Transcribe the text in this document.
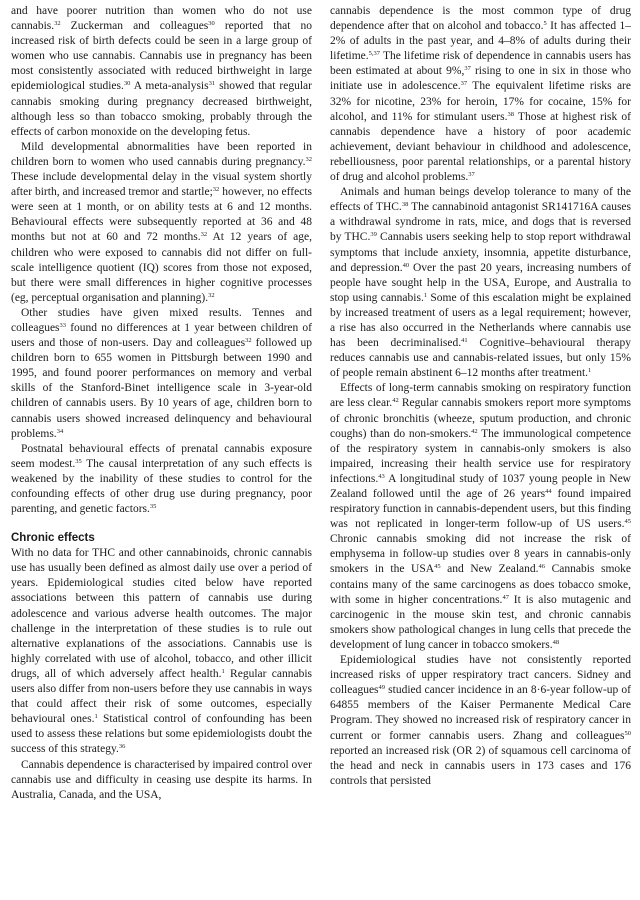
and have poorer nutrition than women who do not use cannabis.$^{32}$ Zuckerman and colleagues$^{30}$ reported that no increased risk of birth defects could be seen in a large group of women who use cannabis. Cannabis use in pregnancy has been most consistently associated with reduced birthweight in large epidemiological studies.$^{30}$ A meta-analysis$^{31}$ showed that regular cannabis smoking during pregnancy decreased birthweight, although less so than tobacco smoking, probably through the effects of carbon monoxide on the developing fetus.

Mild developmental abnormalities have been reported in children born to women who used cannabis during pregnancy.$^{32}$ These include developmental delay in the visual system shortly after birth, and increased tremor and startle;$^{32}$ however, no effects were seen at 1 month, or on ability tests at 6 and 12 months. Behavioural effects were subsequently reported at 36 and 48 months but not at 60 and 72 months.$^{32}$ At 12 years of age, children who were exposed to cannabis did not differ on full-scale intelligence quotient (IQ) scores from those not exposed, but there were small differences in higher cognitive processes (eg, perceptual organisation and planning).$^{32}$

Other studies have given mixed results. Tennes and colleagues$^{33}$ found no differences at 1 year between children of users and those of non-users. Day and colleagues$^{32}$ followed up children born to 655 women in Pittsburgh between 1990 and 1995, and found poorer performances on memory and verbal skills of the Stanford-Binet intelligence scale in 3-year-old children of cannabis users. By 10 years of age, children born to cannabis users showed increased delinquency and behavioural problems.$^{34}$

Postnatal behavioural effects of prenatal cannabis exposure seem modest.$^{35}$ The causal interpretation of any such effects is weakened by the inability of these studies to control for the confounding effects of other drug use during pregnancy, poor parenting, and genetic factors.$^{35}$

Chronic effects

With no data for THC and other cannabinoids, chronic cannabis use has usually been defined as almost daily use over a period of years. Epidemiological studies cited below have reported associations between this pattern of cannabis use during adolescence and various adverse health outcomes. The major challenge in the interpretation of these studies is to rule out alternative explanations of the associations. Cannabis use is highly correlated with use of alcohol, tobacco, and other illicit drugs, all of which adversely affect health.$^1$ Regular cannabis users also differ from non-users before they use cannabis in ways that could affect their risk of some outcomes, especially behavioural ones.$^1$ Statistical control of confounding has been used to assess these relations but some epidemiologists doubt the success of this strategy.$^{36}$

Cannabis dependence is characterised by impaired control over cannabis use and difficulty in ceasing use despite its harms. In Australia, Canada, and the USA,

cannabis dependence is the most common type of drug dependence after that on alcohol and tobacco.$^5$ It has affected 1–2% of adults in the past year, and 4–8% of adults during their lifetime.$^{5,37}$ The lifetime risk of dependence in cannabis users has been estimated at about 9%,$^{37}$ rising to one in six in those who initiate use in adolescence.$^{37}$ The equivalent lifetime risks are 32% for nicotine, 23% for heroin, 17% for cocaine, 15% for alcohol, and 11% for stimulant users.$^{38}$ Those at highest risk of cannabis dependence have a history of poor academic achievement, deviant behaviour in childhood and adolescence, rebelliousness, poor parental relationships, or a parental history of drug and alcohol problems.$^{37}$

Animals and human beings develop tolerance to many of the effects of THC.$^{38}$ The cannabinoid antagonist SR141716A causes a withdrawal syndrome in rats, mice, and dogs that is reversed by THC.$^{39}$ Cannabis users seeking help to stop report withdrawal symptoms that include anxiety, insomnia, appetite disturbance, and depression.$^{40}$ Over the past 20 years, increasing numbers of people have sought help in the USA, Europe, and Australia to stop using cannabis.$^1$ Some of this escalation might be explained by increased treatment of users as a legal requirement; however, a rise has also occurred in the Netherlands where cannabis use has been decriminalised.$^{41}$ Cognitive–behavioural therapy reduces cannabis use and cannabis-related issues, but only 15% of people remain abstinent 6–12 months after treatment.$^1$

Effects of long-term cannabis smoking on respiratory function are less clear.$^{42}$ Regular cannabis smokers report more symptoms of chronic bronchitis (wheeze, sputum production, and chronic coughs) than do non-smokers.$^{42}$ The immunological competence of the respiratory system in cannabis-only smokers is also impaired, increasing their health service use for respiratory infections.$^{43}$ A longitudinal study of 1037 young people in New Zealand followed until the age of 26 years$^{44}$ found impaired respiratory function in cannabis-dependent users, but this finding was not replicated in longer-term follow-up of US users.$^{45}$ Chronic cannabis smoking did not increase the risk of emphysema in follow-up studies over 8 years in cannabis-only smokers in the USA$^{45}$ and New Zealand.$^{46}$ Cannabis smoke contains many of the same carcinogens as does tobacco smoke, with some in higher concentrations.$^{47}$ It is also mutagenic and carcinogenic in the mouse skin test, and chronic cannabis smokers show pathological changes in lung cells that precede the development of lung cancer in tobacco smokers.$^{48}$

Epidemiological studies have not consistently reported increased risks of upper respiratory tract cancers. Sidney and colleagues$^{49}$ studied cancer incidence in an 8·6-year follow-up of 64855 members of the Kaiser Permanente Medical Care Program. They showed no increased risk of respiratory cancer in current or former cannabis users. Zhang and colleagues$^{50}$ reported an increased risk (OR 2) of squamous cell carcinoma of the head and neck in cannabis users in 173 cases and 176 controls that persisted
